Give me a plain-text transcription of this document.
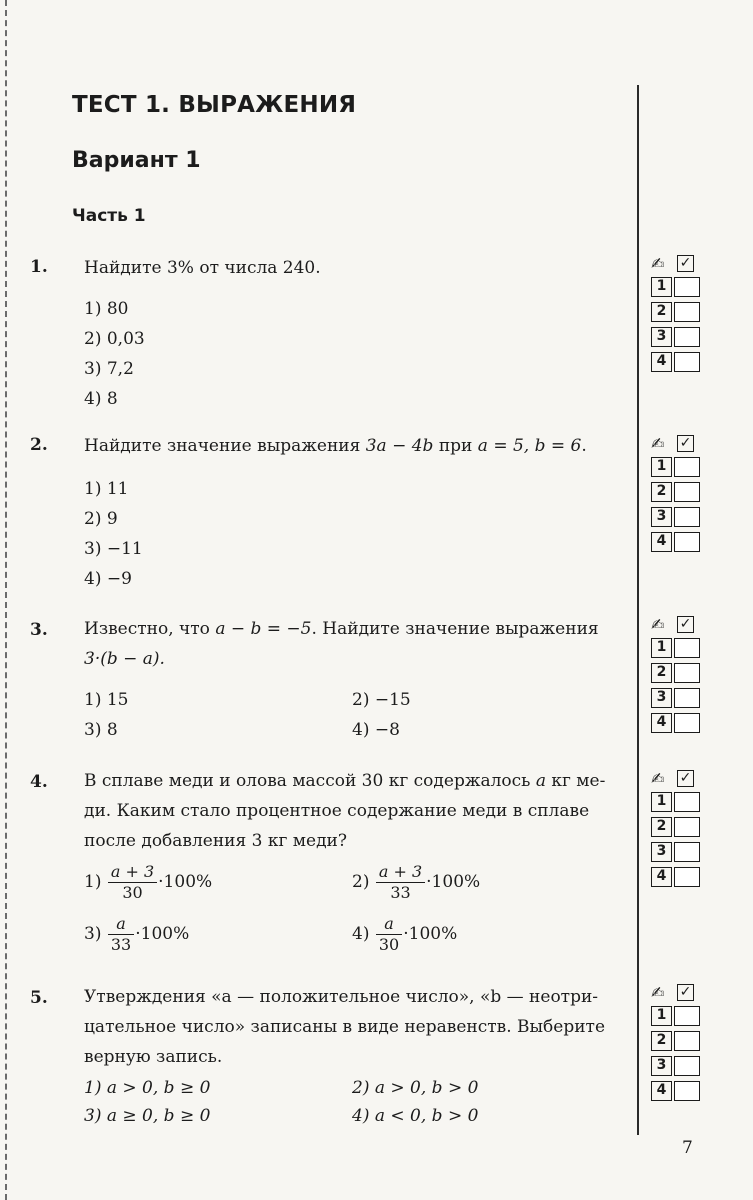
ТЕСТ 1. ВЫРАЖЕНИЯ
Вариант 1
Часть 1
1. Найдите 3% от числа 240.
1) 80
2) 0,03
3) 7,2
4) 8
2. Найдите значение выражения 3a − 4b при a = 5, b = 6.
1) 11
2) 9
3) −11
4) −9
3. Известно, что a − b = −5. Найдите значение выражения
3·(b − a).
1) 15	2) −15
3) 8	4) −8
4. В сплаве меди и олова массой 30 кг содержалось a кг ме-
ди. Каким стало процентное содержание меди в сплаве
после добавления 3 кг меди?
$1) \frac{a + 3}{30} \cdot 100\%$	$2) \frac{a + 3}{33} \cdot 100\%$
$3) \frac{a}{33} \cdot 100\%$	$4) \frac{a}{30} \cdot 100\%$
5. Утверждения «a — положительное число», «b — неотри-
цательное число» записаны в виде неравенств. Выберите
верную запись.
1) a > 0, b ≥ 0	2) a > 0, b > 0
3) a ≥ 0, b ≥ 0	4) a < 0, b > 0
✍ ✓
1
2
3
4
✍ ✓
1
2
3
4
✍ ✓
1
2
3
4
✍ ✓
1
2
3
4
✍ ✓
1
2
3
4
7
